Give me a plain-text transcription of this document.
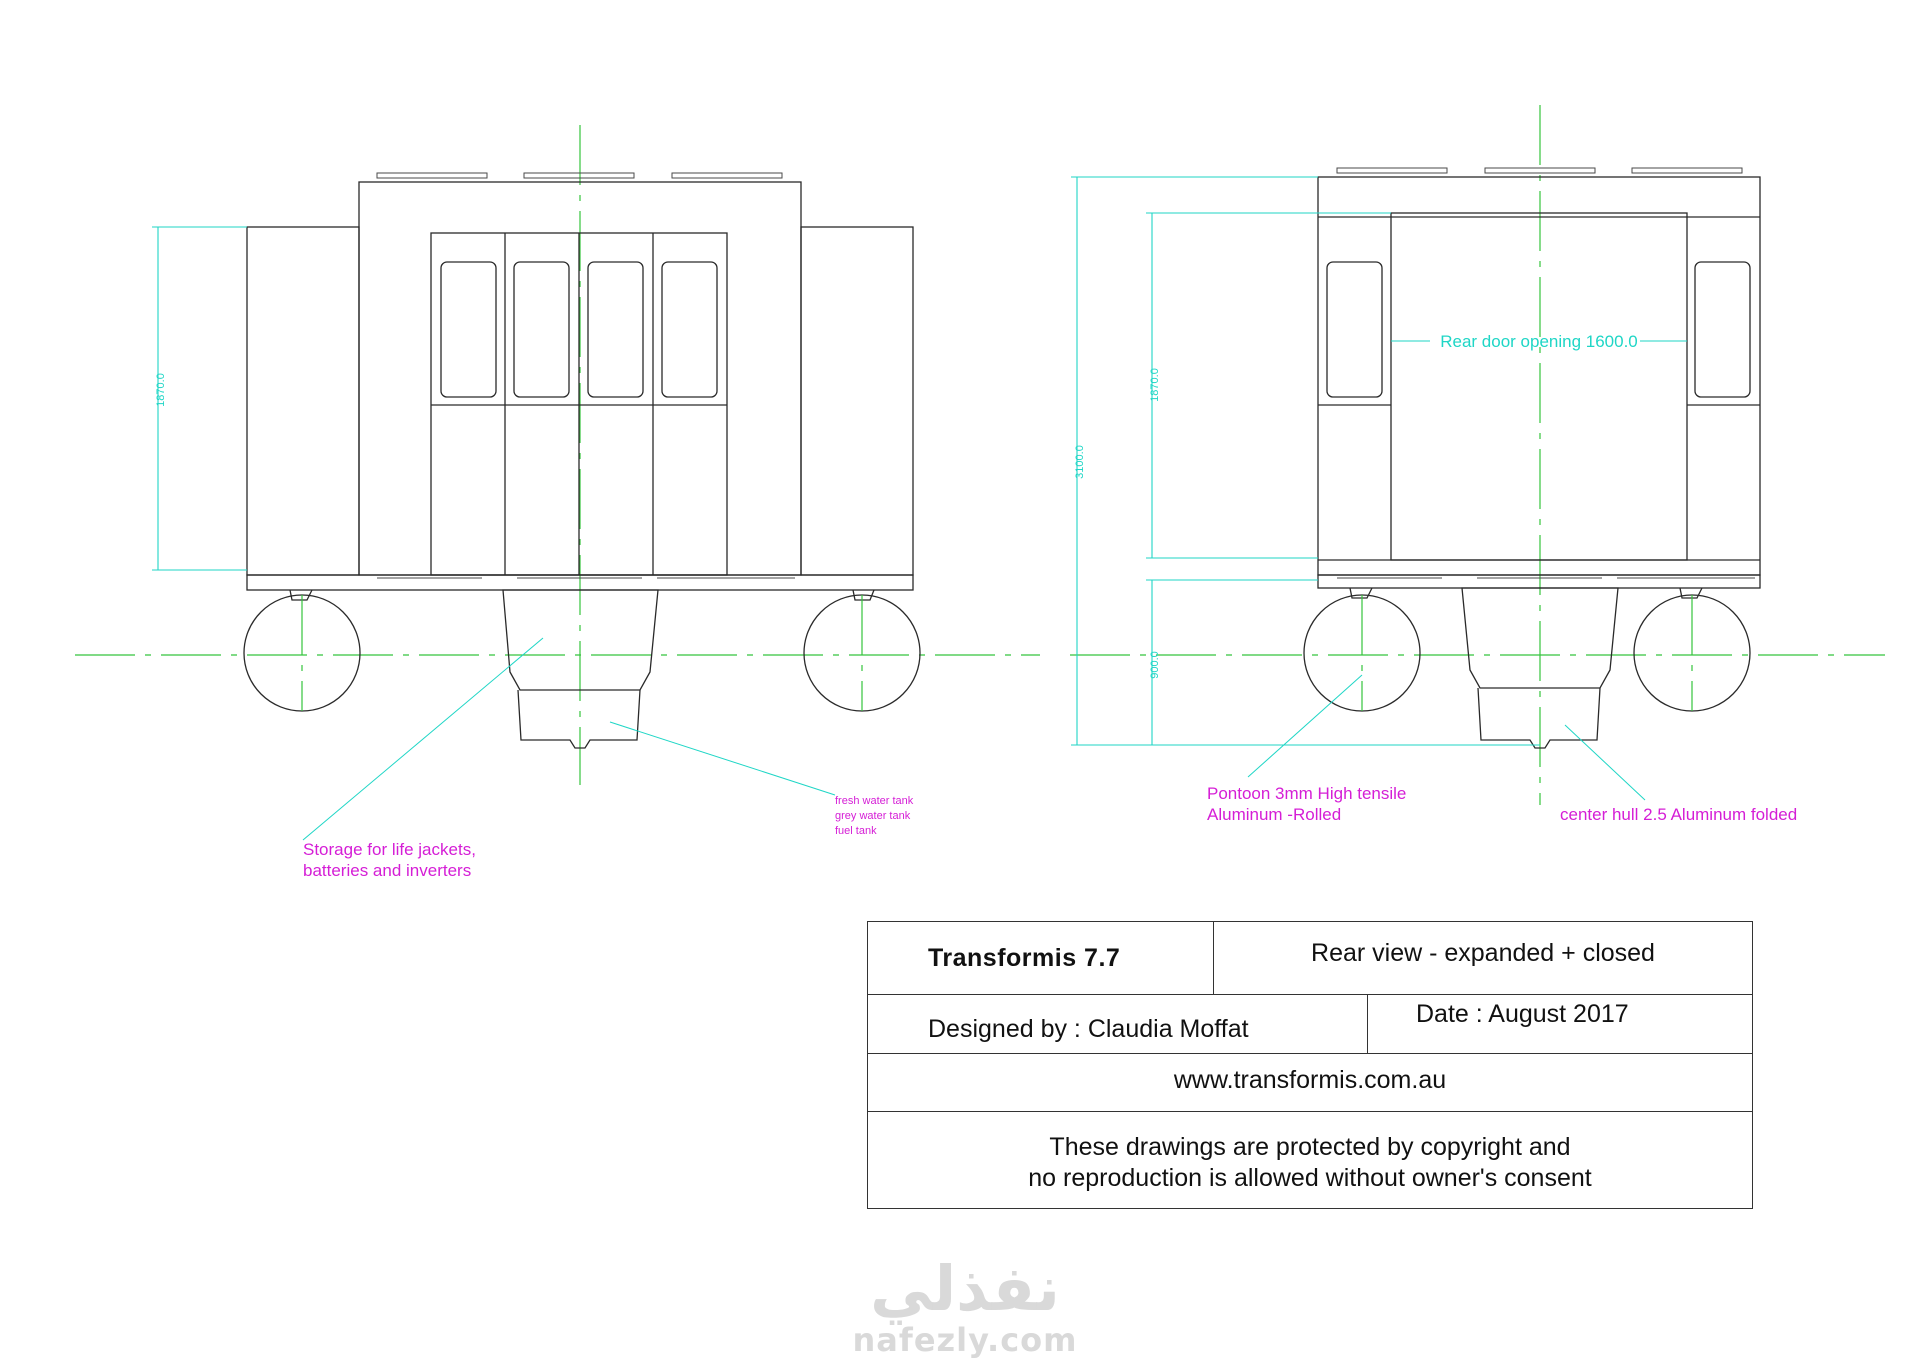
1870.0
Storage for life jackets,
batteries and inverters
fresh water tank
grey water tank
fuel tank
3100.0
1870.0
900.0
Rear door opening 1600.0
Pontoon 3mm High tensile
Aluminum -Rolled	center hull 2.5 Aluminum folded
Transformis 7.7	Rear view - expanded + closed
Designed by : Claudia Moffat
Date : August 2017
www.transformis.com.au
These drawings are protected by copyright and
no reproduction is allowed without owner's consent
نفذلي
nafezly.com
